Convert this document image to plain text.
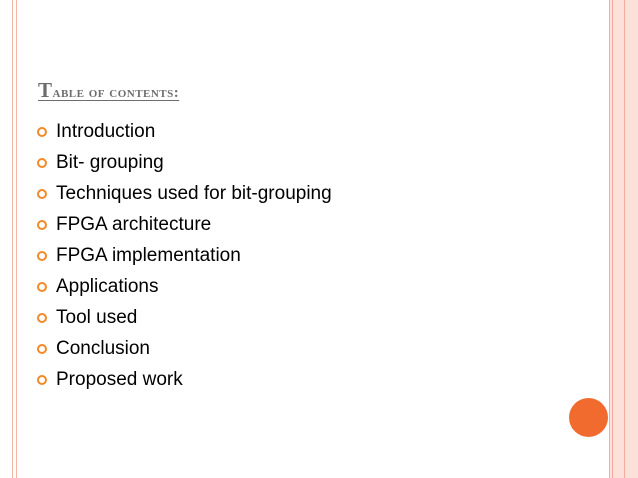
Table of contents:
Introduction
Bit- grouping
Techniques used for bit-grouping
FPGA architecture
FPGA implementation
Applications
Tool used
Conclusion
Proposed work
